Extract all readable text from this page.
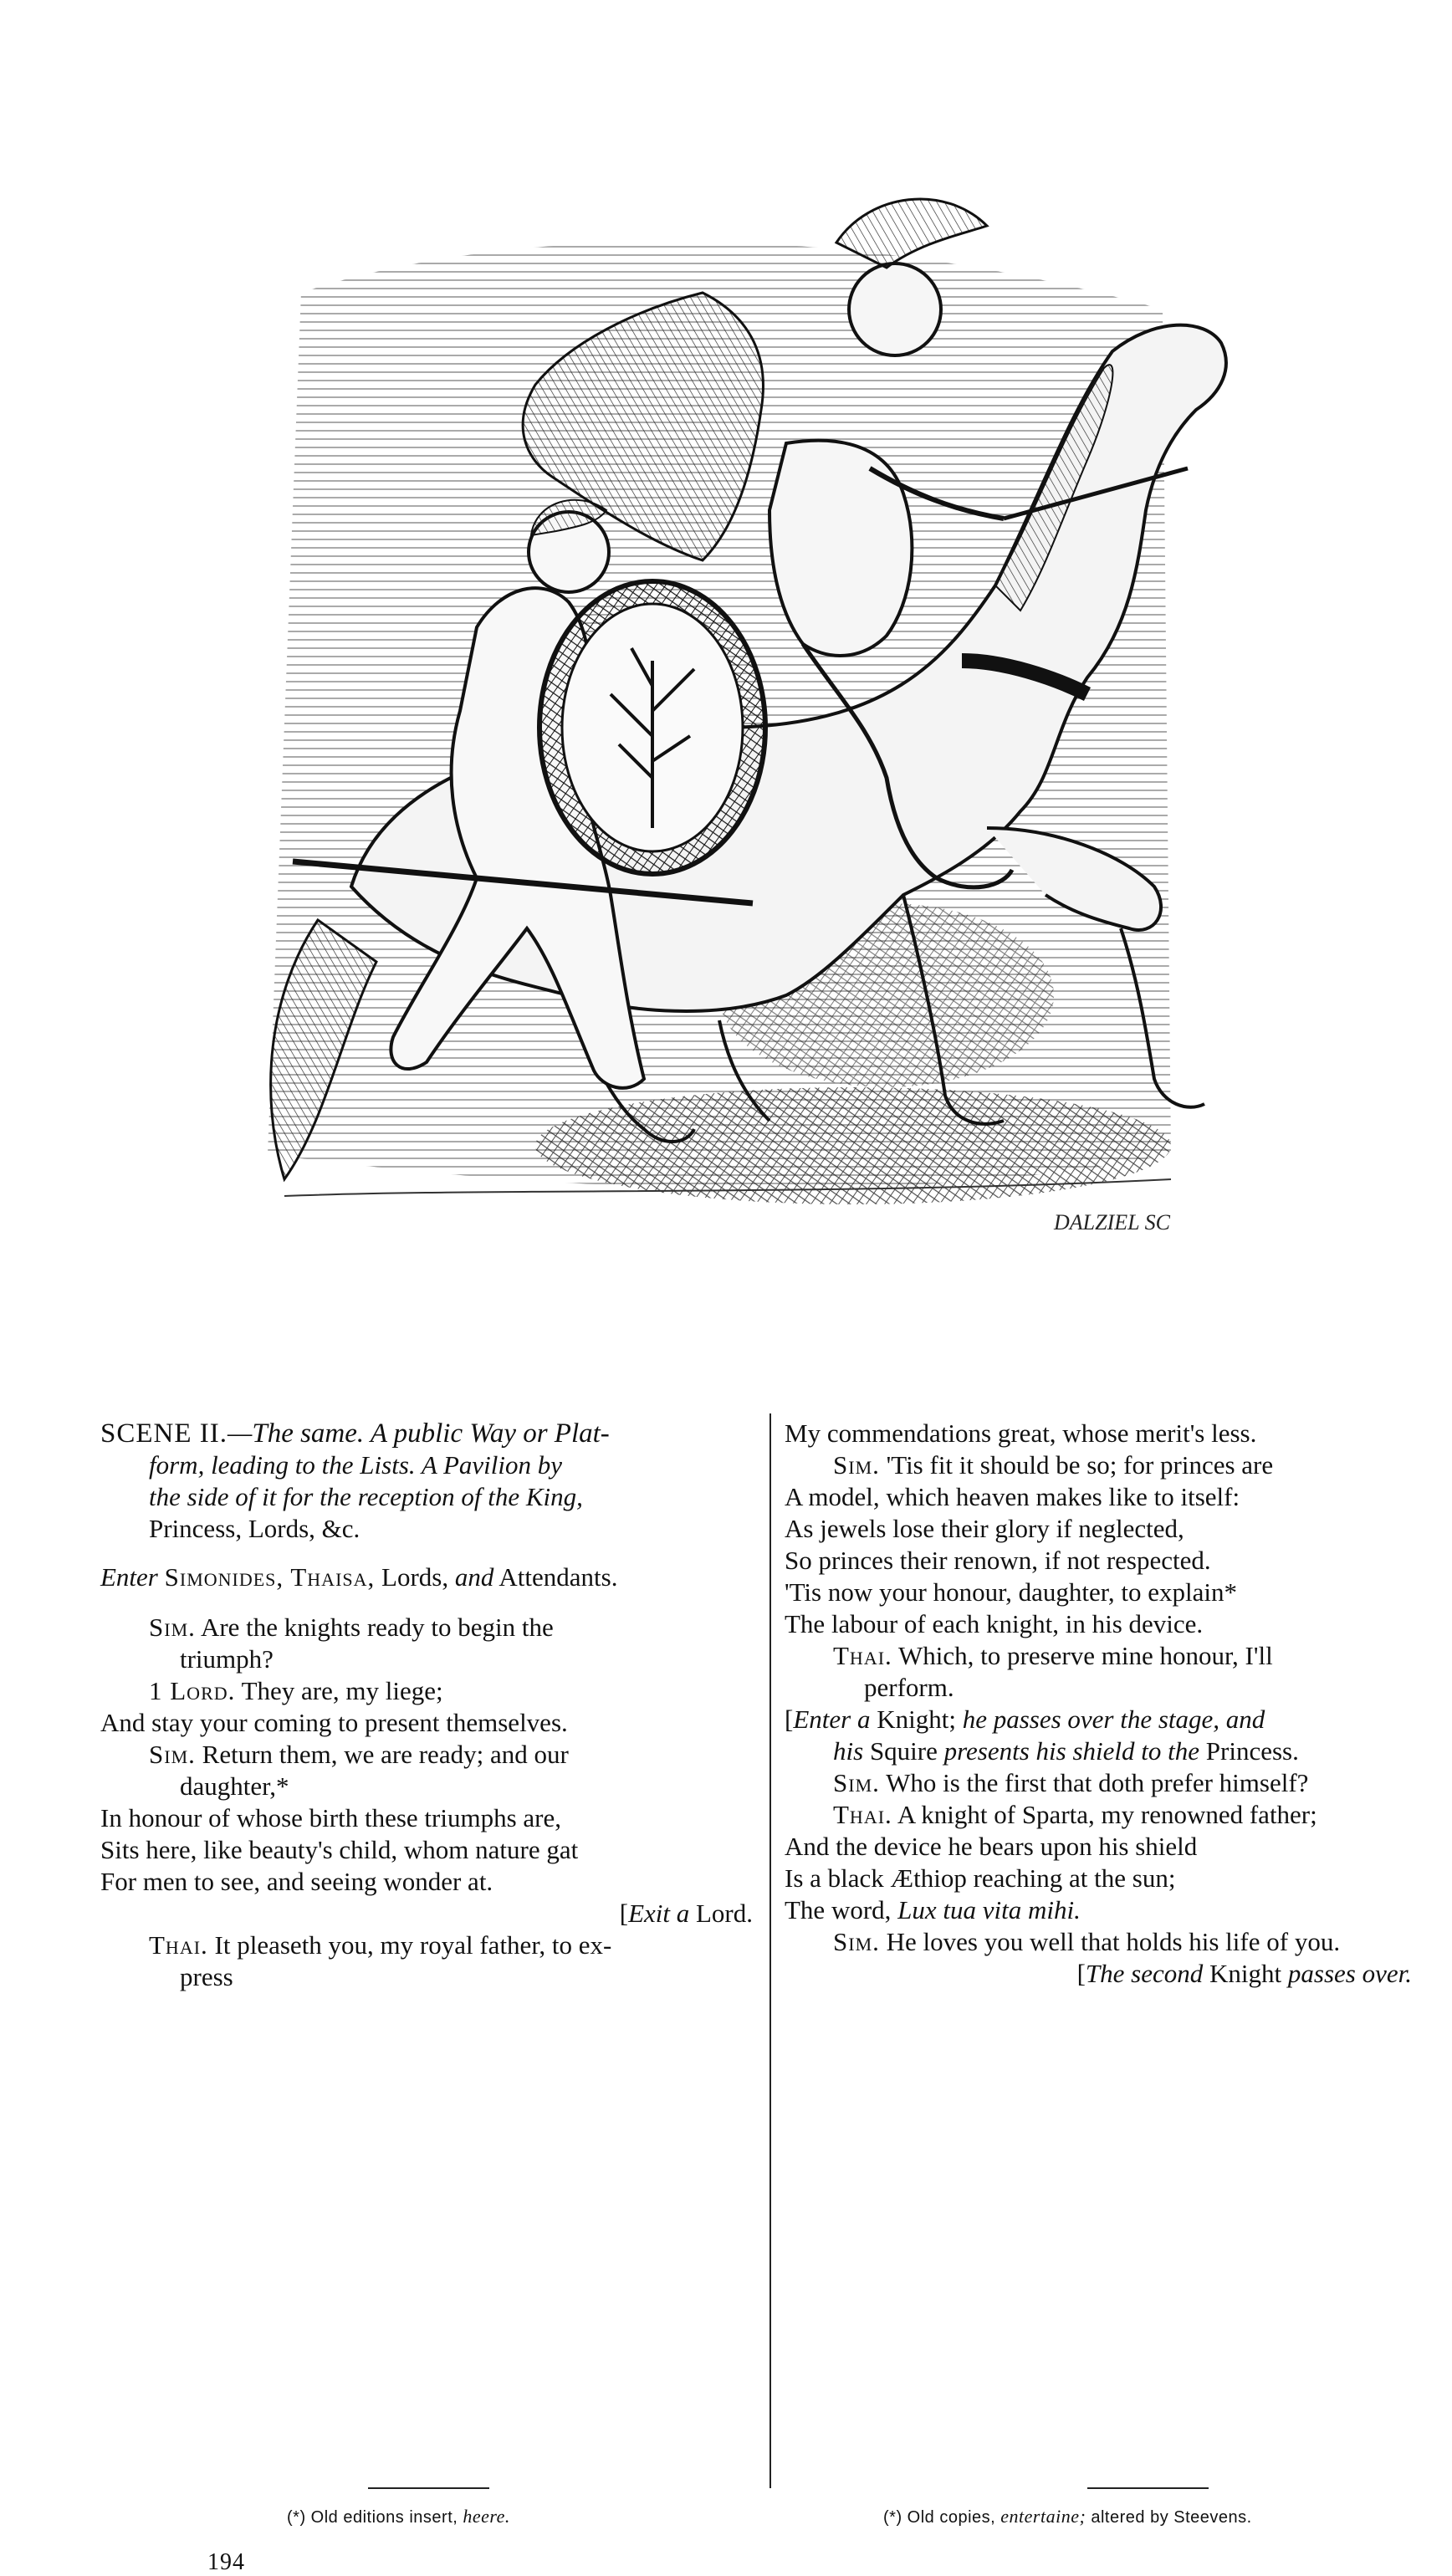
DALZIEL SC
SCENE II.—The same. A public Way or Plat-
form, leading to the Lists. A Pavilion by
the side of it for the reception of the King,
Princess, Lords, &c.
Enter Simonides, Thaisa, Lords, and Attendants.
Sim. Are the knights ready to begin the
triumph?
1 Lord. They are, my liege;
And stay your coming to present themselves.
Sim. Return them, we are ready; and our
daughter,*
In honour of whose birth these triumphs are,
Sits here, like beauty's child, whom nature gat
For men to see, and seeing wonder at.
[Exit a Lord.
Thai. It pleaseth you, my royal father, to ex-
press
My commendations great, whose merit's less.
Sim. 'Tis fit it should be so; for princes are
A model, which heaven makes like to itself:
As jewels lose their glory if neglected,
So princes their renown, if not respected.
'Tis now your honour, daughter, to explain*
The labour of each knight, in his device.
Thai. Which, to preserve mine honour, I'll
perform.
[Enter a Knight; he passes over the stage, and
his Squire presents his shield to the Princess.
Sim. Who is the first that doth prefer himself?
Thai. A knight of Sparta, my renowned father;
And the device he bears upon his shield
Is a black Æthiop reaching at the sun;
The word, Lux tua vita mihi.
Sim. He loves you well that holds his life of you.
[The second Knight passes over.
(*) Old editions insert, heere.	(*) Old copies, entertaine; altered by Steevens.
194
